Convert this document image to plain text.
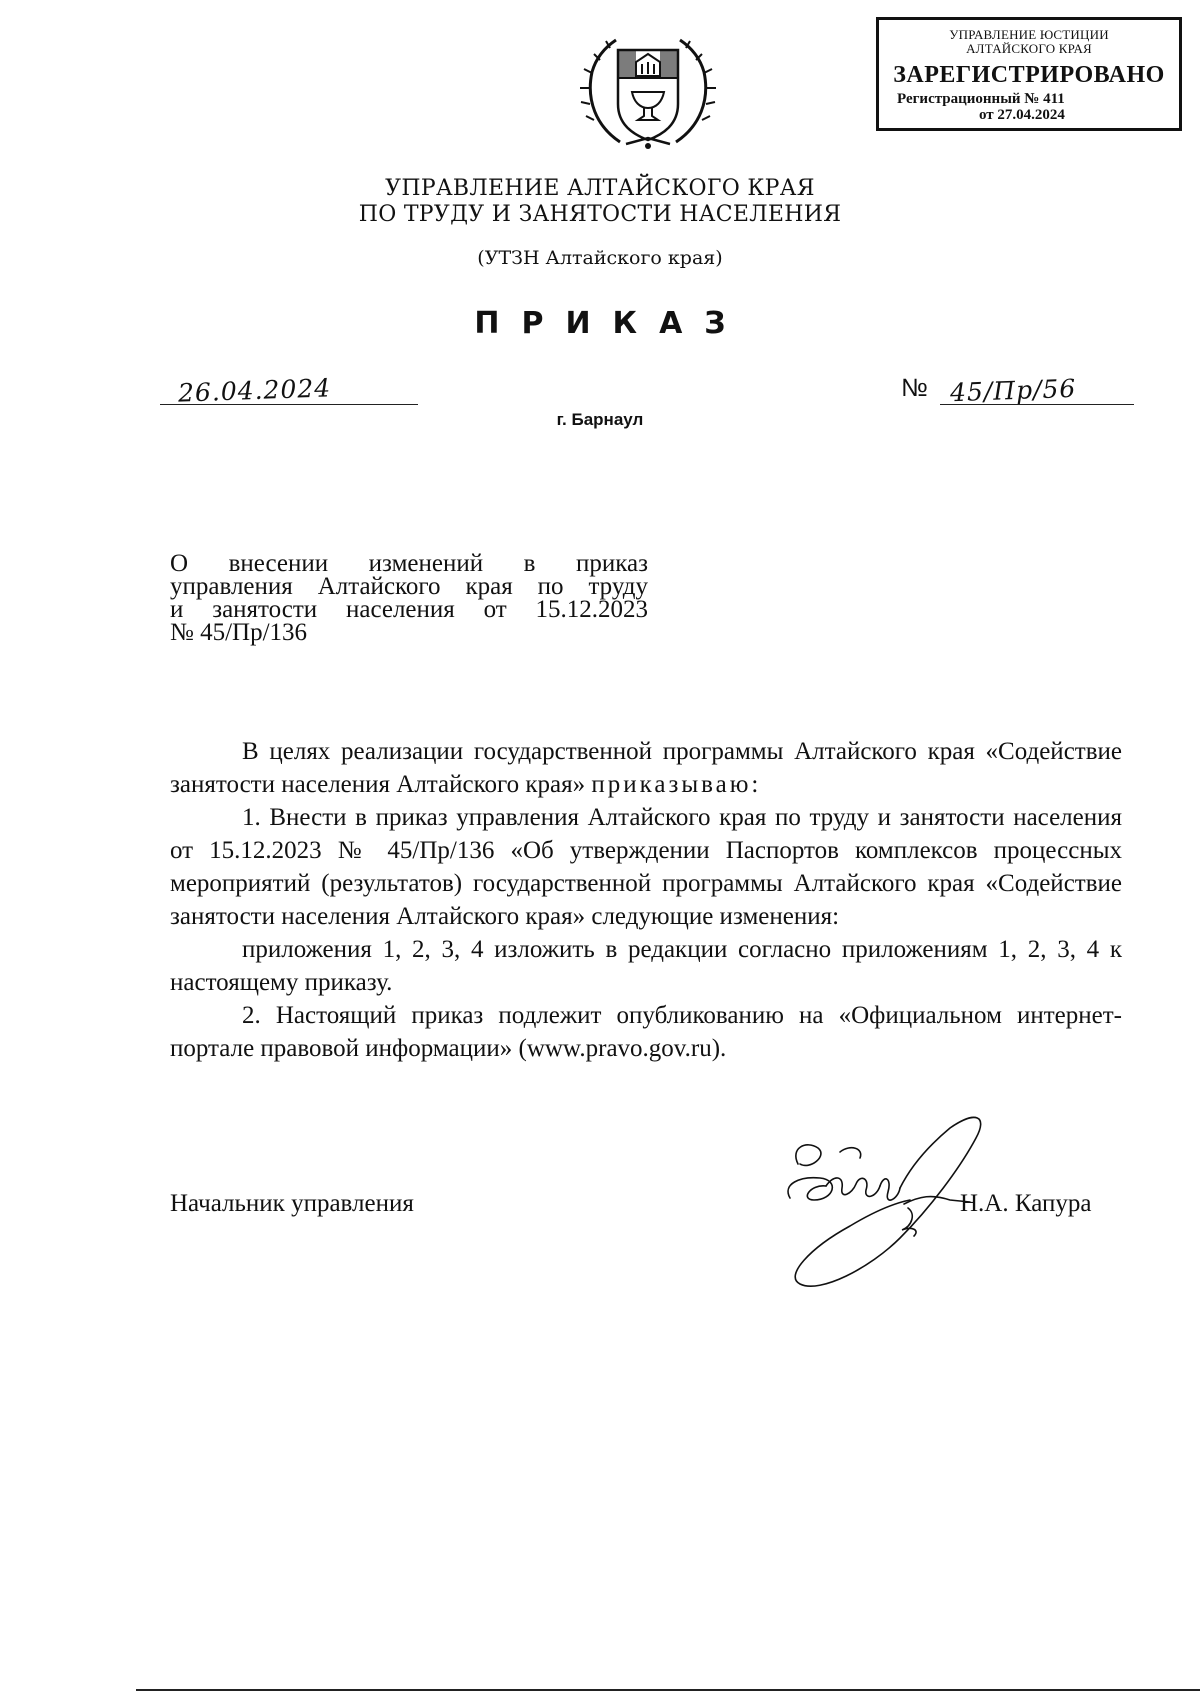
УПРАВЛЕНИЕ ЮСТИЦИИ
АЛТАЙСКОГО КРАЯ
ЗАРЕГИСТРИРОВАНО
Регистрационный № 411
от 27.04.2024
УПРАВЛЕНИЕ АЛТАЙСКОГО КРАЯ
ПО ТРУДУ И ЗАНЯТОСТИ НАСЕЛЕНИЯ
(УТЗН Алтайского края)
ПРИКАЗ
26.04.2024	№ 45/Пр/56
г. Барнаул
О внесении изменений в приказ
управления Алтайского края по труду
и занятости населения от 15.12.2023
№ 45/Пр/136

В целях реализации государственной программы Алтайского края «Содействие занятости населения Алтайского края» приказываю:

1. Внести в приказ управления Алтайского края по труду и занятости населения от 15.12.2023 № 45/Пр/136 «Об утверждении Паспортов комплексов процессных мероприятий (результатов) государственной программы Алтайского края «Содействие занятости населения Алтайского края» следующие изменения:

приложения 1, 2, 3, 4 изложить в редакции согласно приложениям 1, 2, 3, 4 к настоящему приказу.

2. Настоящий приказ подлежит опубликованию на «Официальном интернет-портале правовой информации» (www.pravo.gov.ru).

Начальник управления	Н.А. Капура
